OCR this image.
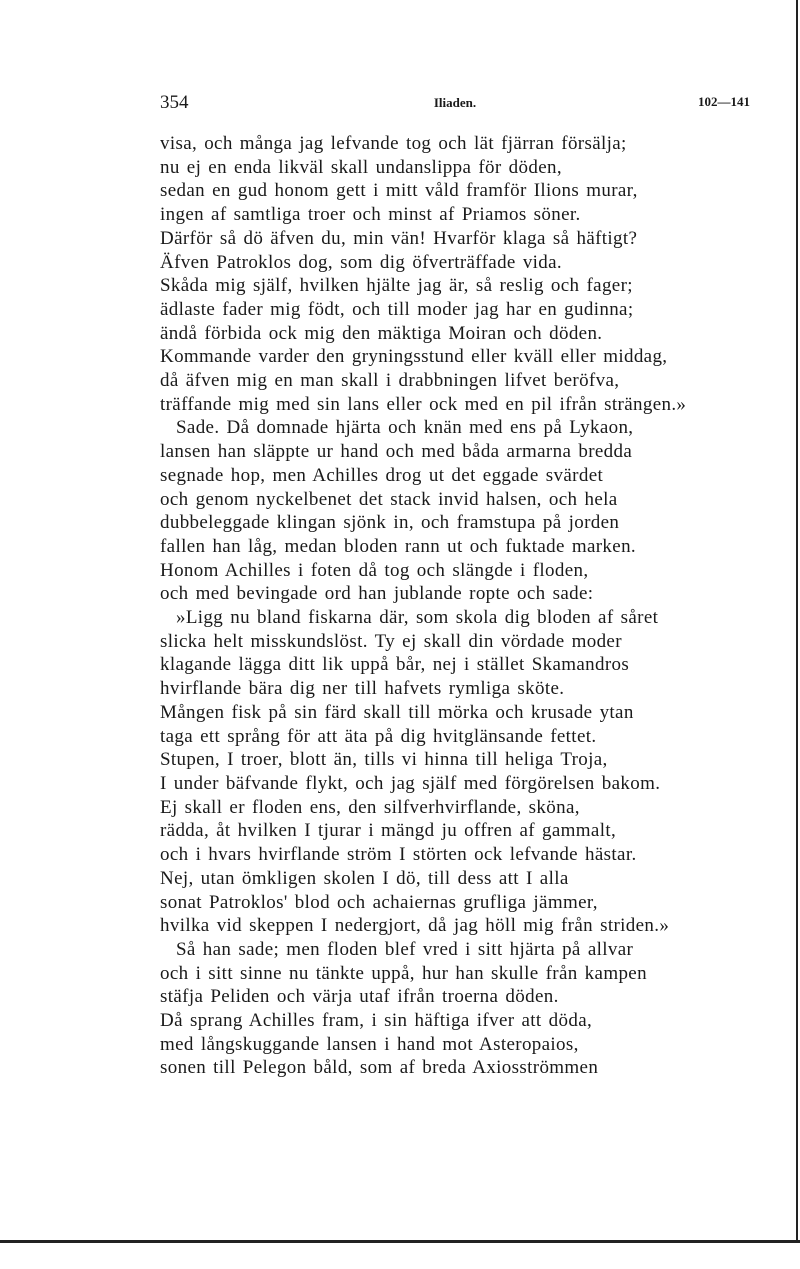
354	Iliaden.	102—141
visa, och många jag lefvande tog och lät fjärran försälja;
nu ej en enda likväl skall undanslippa för döden,
sedan en gud honom gett i mitt våld framför Ilions murar,
ingen af samtliga troer och minst af Priamos söner.
Därför så dö äfven du, min vän! Hvarför klaga så häftigt?
Äfven Patroklos dog, som dig öfverträffade vida.
Skåda mig själf, hvilken hjälte jag är, så reslig och fager;
ädlaste fader mig födt, och till moder jag har en gudinna;
ändå förbida ock mig den mäktiga Moiran och döden.
Kommande varder den gryningsstund eller kväll eller middag,
då äfven mig en man skall i drabbningen lifvet beröfva,
träffande mig med sin lans eller ock med en pil ifrån strängen.»
Sade. Då domnade hjärta och knän med ens på Lykaon,
lansen han släppte ur hand och med båda armarna bredda
segnade hop, men Achilles drog ut det eggade svärdet
och genom nyckelbenet det stack invid halsen, och hela
dubbeleggade klingan sjönk in, och framstupa på jorden
fallen han låg, medan bloden rann ut och fuktade marken.
Honom Achilles i foten då tog och slängde i floden,
och med bevingade ord han jublande ropte och sade:
»Ligg nu bland fiskarna där, som skola dig bloden af såret
slicka helt misskundslöst. Ty ej skall din vördade moder
klagande lägga ditt lik uppå bår, nej i stället Skamandros
hvirflande bära dig ner till hafvets rymliga sköte.
Mången fisk på sin färd skall till mörka och krusade ytan
taga ett språng för att äta på dig hvitglänsande fettet.
Stupen, I troer, blott än, tills vi hinna till heliga Troja,
I under bäfvande flykt, och jag själf med förgörelsen bakom.
Ej skall er floden ens, den silfverhvirflande, sköna,
rädda, åt hvilken I tjurar i mängd ju offren af gammalt,
och i hvars hvirflande ström I störten ock lefvande hästar.
Nej, utan ömkligen skolen I dö, till dess att I alla
sonat Patroklos' blod och achaiernas grufliga jämmer,
hvilka vid skeppen I nedergjort, då jag höll mig från striden.»
Så han sade; men floden blef vred i sitt hjärta på allvar
och i sitt sinne nu tänkte uppå, hur han skulle från kampen
stäfja Peliden och värja utaf ifrån troerna döden.
Då sprang Achilles fram, i sin häftiga ifver att döda,
med långskuggande lansen i hand mot Asteropaios,
sonen till Pelegon båld, som af breda Axiosströmmen
